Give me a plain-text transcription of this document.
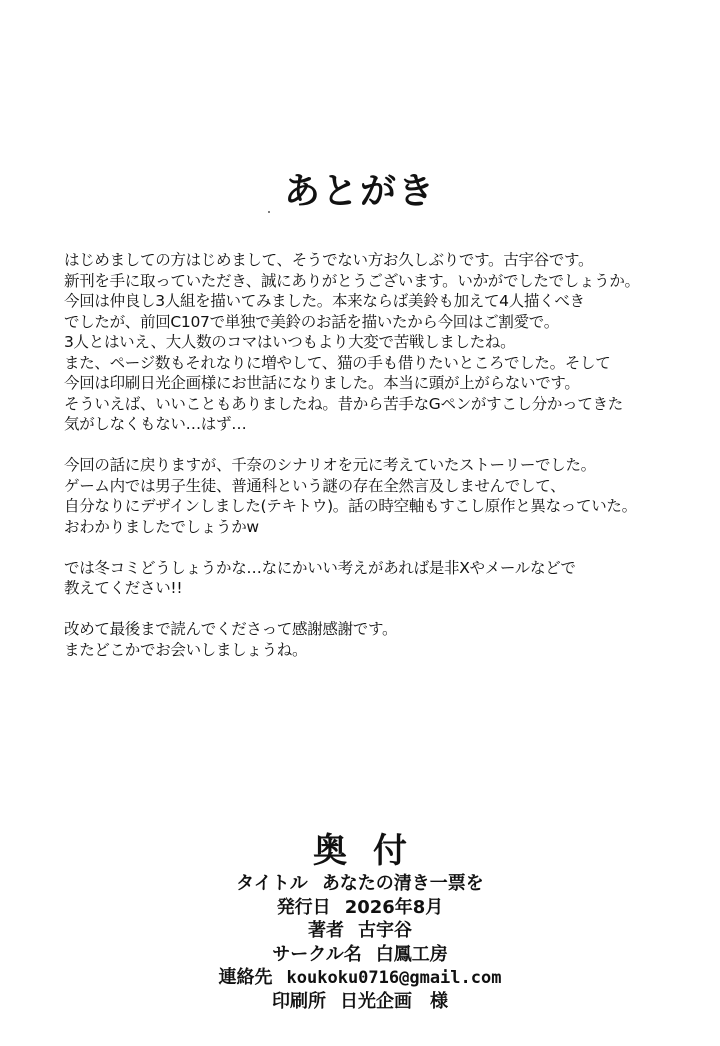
あとがき
はじめましての方はじめまして、そうでない方お久しぶりです。古宇谷です。
新刊を手に取っていただき、誠にありがとうございます。いかがでしたでしょうか。
今回は仲良し3人組を描いてみました。本来ならば美鈴も加えて4人描くべき
でしたが、前回C107で単独で美鈴のお話を描いたから今回はご割愛で。
3人とはいえ、大人数のコマはいつもより大変で苦戦しましたね。
また、ページ数もそれなりに増やして、猫の手も借りたいところでした。そして
今回は印刷日光企画様にお世話になりました。本当に頭が上がらないです。
そういえば、いいこともありましたね。昔から苦手なGペンがすこし分かってきた
気がしなくもない…はず…
今回の話に戻りますが、千奈のシナリオを元に考えていたストーリーでした。
ゲーム内では男子生徒、普通科という謎の存在全然言及しませんでして、
自分なりにデザインしました(テキトウ)。話の時空軸もすこし原作と異なっていた。
おわかりましたでしょうかw
では冬コミどうしょうかな…なにかいい考えがあれば是非Xやメールなどで
教えてください!!
改めて最後まで読んでくださって感謝感謝です。
またどこかでお会いしましょうね。
奥付
タイトル あなたの清き一票を
発行日 2026年8月
著者 古宇谷
サークル名 白鳳工房
連絡先 koukoku0716@gmail.com
印刷所 日光企画　様
